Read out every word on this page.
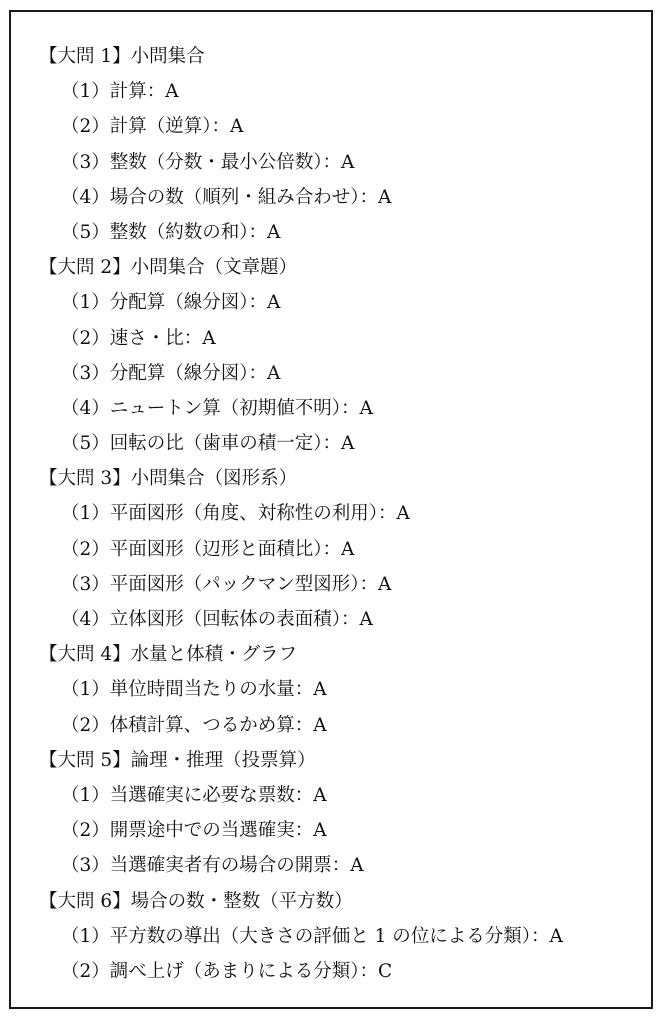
【大問 1】小問集合
（1）計算：A
（2）計算（逆算）：A
（3）整数（分数・最小公倍数）：A
（4）場合の数（順列・組み合わせ）：A
（5）整数（約数の和）：A
【大問 2】小問集合（文章題）
（1）分配算（線分図）：A
（2）速さ・比：A
（3）分配算（線分図）：A
（4）ニュートン算（初期値不明）：A
（5）回転の比（歯車の積一定）：A
【大問 3】小問集合（図形系）
（1）平面図形（角度、対称性の利用）：A
（2）平面図形（辺形と面積比）：A
（3）平面図形（パックマン型図形）：A
（4）立体図形（回転体の表面積）：A
【大問 4】水量と体積・グラフ
（1）単位時間当たりの水量：A
（2）体積計算、つるかめ算：A
【大問 5】論理・推理（投票算）
（1）当選確実に必要な票数：A
（2）開票途中での当選確実：A
（3）当選確実者有の場合の開票：A
【大問 6】場合の数・整数（平方数）
（1）平方数の導出（大きさの評価と 1 の位による分類）：A
（2）調べ上げ（あまりによる分類）：C
